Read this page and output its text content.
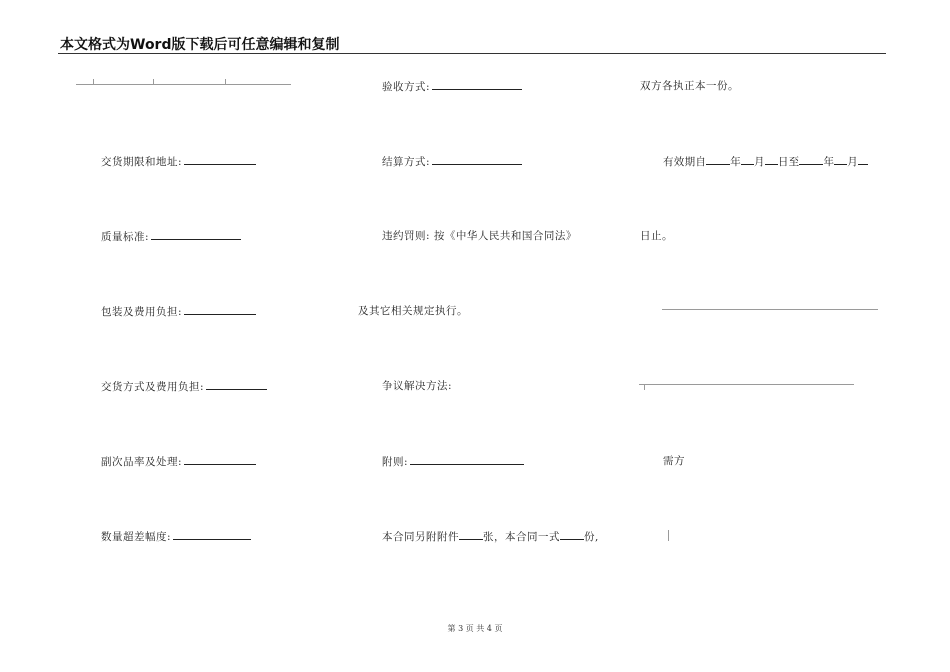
本文格式为Word版下载后可任意编辑和复制
交货期限和地址:
质量标准:
包装及费用负担:
交货方式及费用负担:
副次品率及处理:
数量超差幅度:
验收方式:
结算方式:
违约罚则: 按《中华人民共和国合同法》
及其它相关规定执行。
争议解决方法:
附则:
本合同另附附件 张，本合同一式 份,
双方各执正本一份。
有效期自 年 月 日至 年 月
日止。
需方
第 3 页 共 4 页
